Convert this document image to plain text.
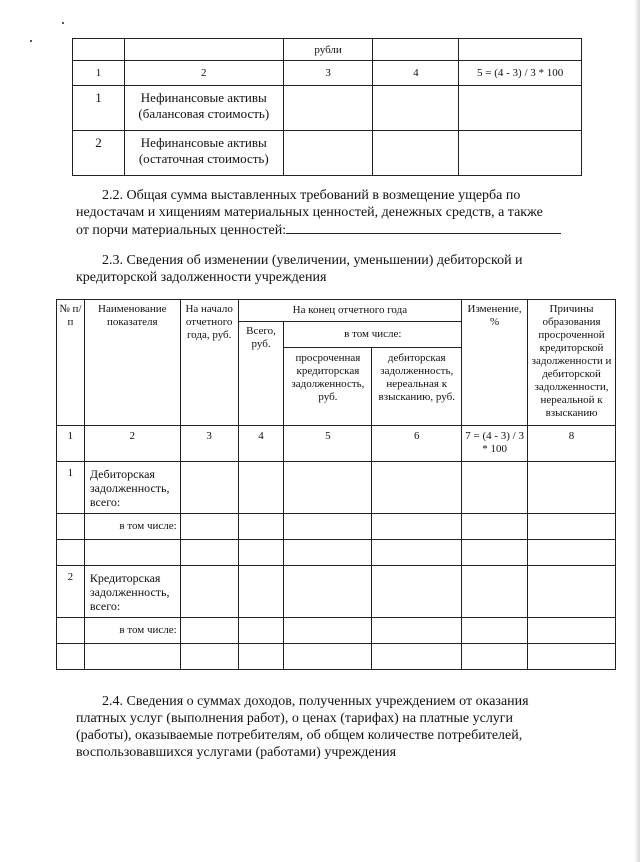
		рубли		
1	2	3	4	5 = (4 - 3) / 3 * 100
1	Нефинансовые активы
(балансовая стоимость)			

2	Нефинансовые активы
(остаточная стоимость)			

2.2. Общая сумма выставленных требований в возмещение ущерба по
недостачам и хищениям материальных ценностей, денежных средств, а также
от порчи материальных ценностей:
2.3. Сведения об изменении (увеличении, уменьшении) дебиторской и
кредиторской задолженности учреждения
№ п/п	Наименование показателя	На начало отчетного года, руб.	На конец отчетного года			Изменение, %	Причины образования просроченной кредиторской задолженности и дебиторской задолженности, нереальной к взысканию
			Всего, руб.	в том числе:			
				просроченная кредиторская задолженность, руб.	дебиторская задолженность, нереальная к взысканию, руб.		
1	2	3	4	5	6	7 = (4 - 3) / 3 * 100	8
1	Дебиторская задолженность, всего:						
	в том числе:						

2	Кредиторская задолженность, всего:						
	в том числе:						

2.4. Сведения о суммах доходов, полученных учреждением от оказания
платных услуг (выполнения работ), о ценах (тарифах) на платные услуги
(работы), оказываемые потребителям, об общем количестве потребителей,
воспользовавшихся услугами (работами) учреждения
